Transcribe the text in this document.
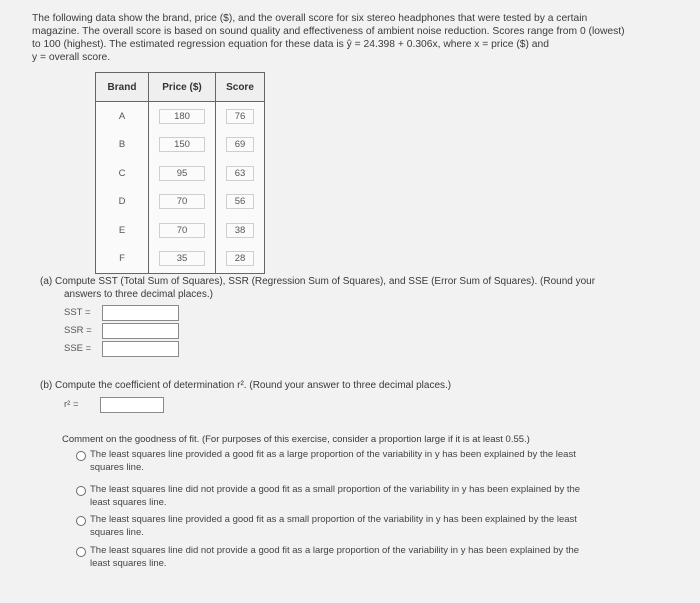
The following data show the brand, price ($), and the overall score for six stereo headphones that were tested by a certain
magazine. The overall score is based on sound quality and effectiveness of ambient noise reduction. Scores range from 0 (lowest)
to 100 (highest). The estimated regression equation for these data is ŷ = 24.398 + 0.306x, where x = price ($) and
y = overall score.
Brand	Price ($)	Score
A	180	76
B	150	69
C	95	63
D	70	56
E	70	38
F	35	28
(a) Compute SST (Total Sum of Squares), SSR (Regression Sum of Squares), and SSE (Error Sum of Squares). (Round your
answers to three decimal places.)
SST =
SSR =
SSE =
(b) Compute the coefficient of determination r². (Round your answer to three decimal places.)
r² =
Comment on the goodness of fit. (For purposes of this exercise, consider a proportion large if it is at least 0.55.)
The least squares line provided a good fit as a large proportion of the variability in y has been explained by the least
squares line.
The least squares line did not provide a good fit as a small proportion of the variability in y has been explained by the
least squares line.
The least squares line provided a good fit as a small proportion of the variability in y has been explained by the least
squares line.
The least squares line did not provide a good fit as a large proportion of the variability in y has been explained by the
least squares line.
